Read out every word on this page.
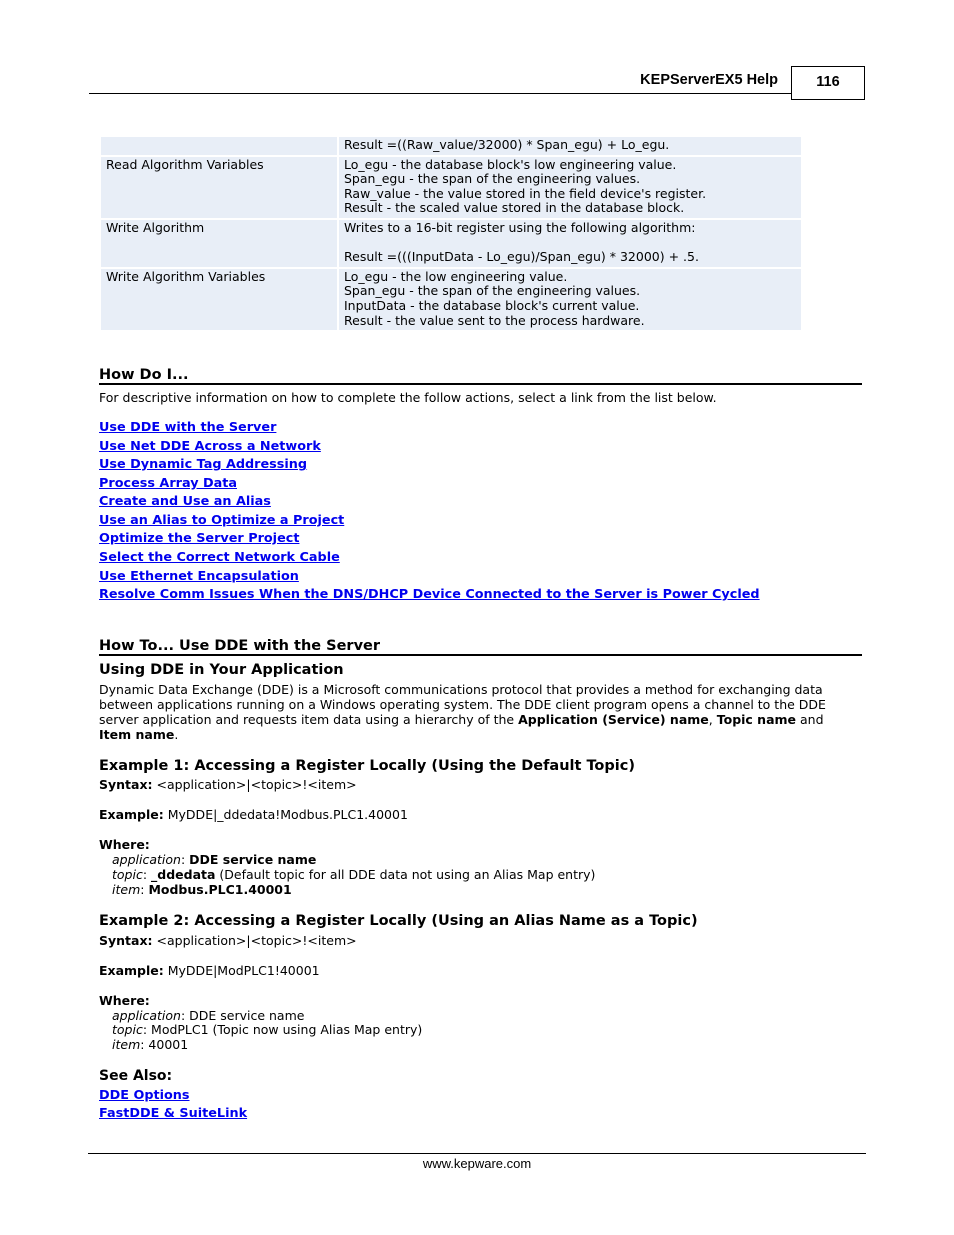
KEPServerEX5 Help	116

	Result =((Raw_value/32000) * Span_egu) + Lo_egu.

Read Algorithm Variables	Lo_egu - the database block's low engineering value.
Span_egu - the span of the engineering values.
Raw_value - the value stored in the field device's register.
Result - the scaled value stored in the database block.

Write Algorithm	Writes to a 16-bit register using the following algorithm:
Result =(((InputData - Lo_egu)/Span_egu) * 32000) + .5.

Write Algorithm Variables	Lo_egu - the low engineering value.
Span_egu - the span of the engineering values.
InputData - the database block's current value.
Result - the value sent to the process hardware.
How Do I...
For descriptive information on how to complete the follow actions, select a link from the list below.
Use DDE with the Server
Use Net DDE Across a Network
Use Dynamic Tag Addressing
Process Array Data
Create and Use an Alias
Use an Alias to Optimize a Project
Optimize the Server Project
Select the Correct Network Cable
Use Ethernet Encapsulation
Resolve Comm Issues When the DNS/DHCP Device Connected to the Server is Power Cycled
How To... Use DDE with the Server
Using DDE in Your Application
Dynamic Data Exchange (DDE) is a Microsoft communications protocol that provides a method for exchanging data between applications running on a Windows operating system. The DDE client program opens a channel to the DDE server application and requests item data using a hierarchy of the Application (Service) name, Topic name and Item name.
Example 1: Accessing a Register Locally (Using the Default Topic)
Syntax: <application>|<topic>!<item>
Example: MyDDE|_ddedata!Modbus.PLC1.40001
Where:
application: DDE service name
topic: _ddedata (Default topic for all DDE data not using an Alias Map entry)
item: Modbus.PLC1.40001
Example 2: Accessing a Register Locally (Using an Alias Name as a Topic)
Syntax: <application>|<topic>!<item>
Example: MyDDE|ModPLC1!40001
Where:
application: DDE service name
topic: ModPLC1 (Topic now using Alias Map entry)
item: 40001
See Also:
DDE Options
FastDDE & SuiteLink
www.kepware.com
